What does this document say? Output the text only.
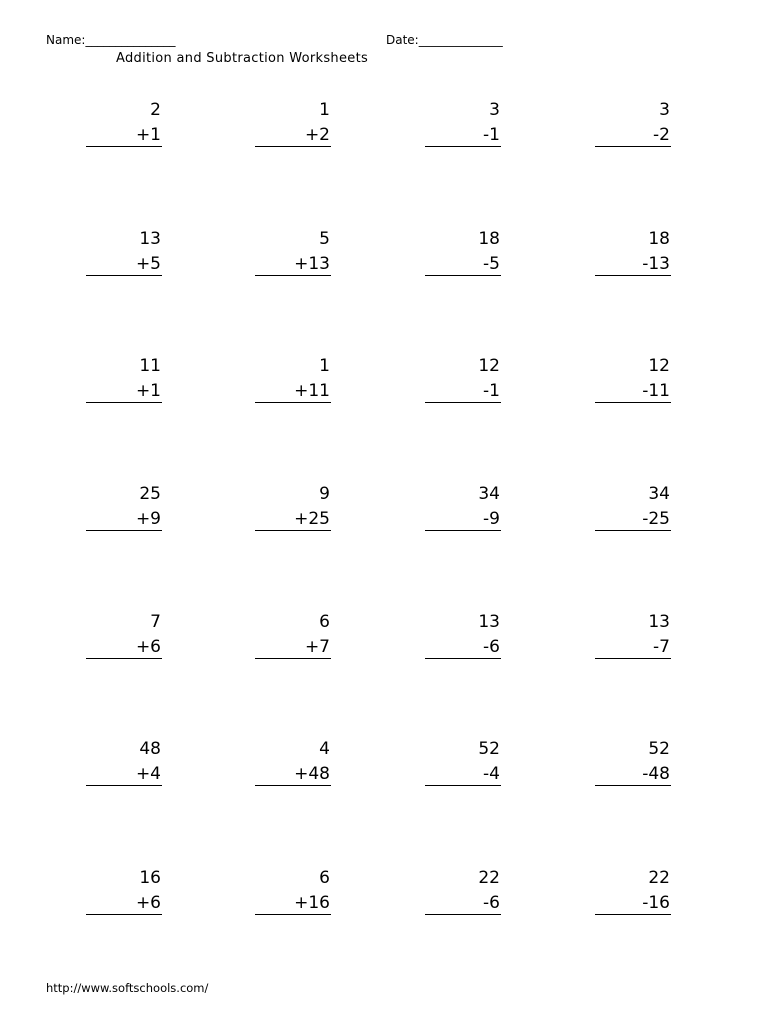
Name:_______________	Date:______________
Addition and Subtraction Worksheets
2
+1
1
+2
3
-1
3
-2
13
+5
5
+13
18
-5
18
-13
11
+1
1
+11
12
-1
12
-11
25
+9
9
+25
34
-9
34
-25
7
+6
6
+7
13
-6
13
-7
48
+4
4
+48
52
-4
52
-48
16
+6
6
+16
22
-6
22
-16
http://www.softschools.com/
